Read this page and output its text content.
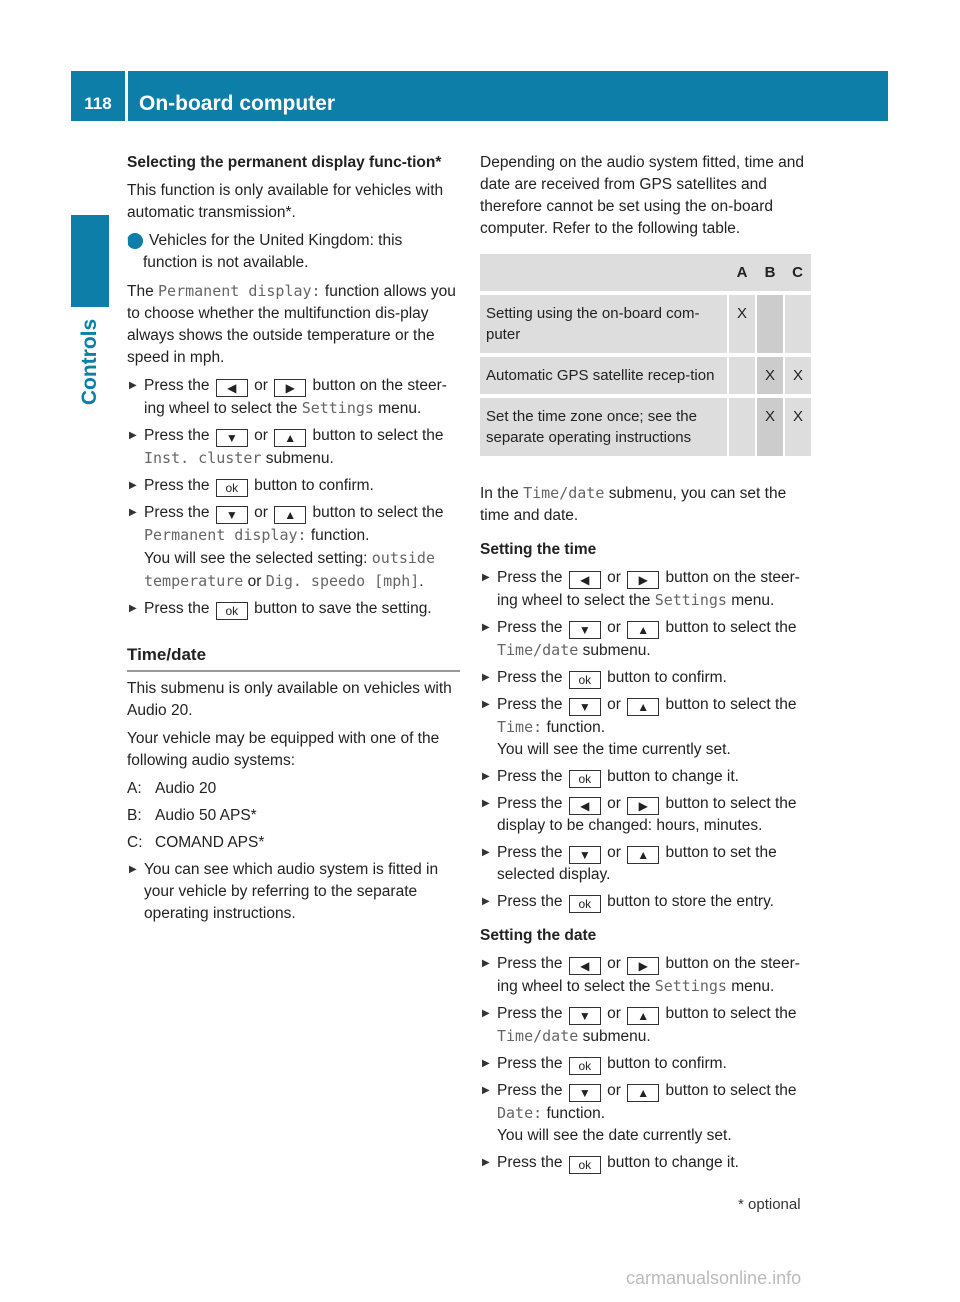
118	On-board computer
Controls

Selecting the permanent display func-tion*

This function is only available for vehicles with automatic transmission*.

i Vehicles for the United Kingdom: this function is not available.

The Permanent display: function allows you to choose whether the multifunction dis-play always shows the outside temperature or the speed in mph.

▶ Press the ◀ or ▶ button on the steer-ing wheel to select the Settings menu.

▶ Press the ▼ or ▲ button to select the Inst. cluster submenu.

▶ Press the ok button to confirm.

▶ Press the ▼ or ▲ button to select the Permanent display: function.
You will see the selected setting: outside temperature or Dig. speedo [mph].

▶ Press the ok button to save the setting.

Time/date

This submenu is only available on vehicles with Audio 20.

Your vehicle may be equipped with one of the following audio systems:

A: Audio 20
B: Audio 50 APS*
C: COMAND APS*

▶ You can see which audio system is fitted in your vehicle by referring to the separate operating instructions.

Depending on the audio system fitted, time and date are received from GPS satellites and therefore cannot be set using the on-board computer. Refer to the following table.

	A	B	C
Setting using the on-board com-puter	X		
Automatic GPS satellite recep-tion		X	X
Set the time zone once; see the separate operating instructions		X	X

In the Time/date submenu, you can set the time and date.

Setting the time

▶ Press the ◀ or ▶ button on the steer-ing wheel to select the Settings menu.

▶ Press the ▼ or ▲ button to select the Time/date submenu.

▶ Press the ok button to confirm.

▶ Press the ▼ or ▲ button to select the Time: function.
You will see the time currently set.

▶ Press the ok button to change it.

▶ Press the ◀ or ▶ button to select the display to be changed: hours, minutes.

▶ Press the ▼ or ▲ button to set the selected display.

▶ Press the ok button to store the entry.

Setting the date

▶ Press the ◀ or ▶ button on the steer-ing wheel to select the Settings menu.

▶ Press the ▼ or ▲ button to select the Time/date submenu.

▶ Press the ok button to confirm.

▶ Press the ▼ or ▲ button to select the Date: function.
You will see the date currently set.

▶ Press the ok button to change it.

* optional
carmanualsonline.info
